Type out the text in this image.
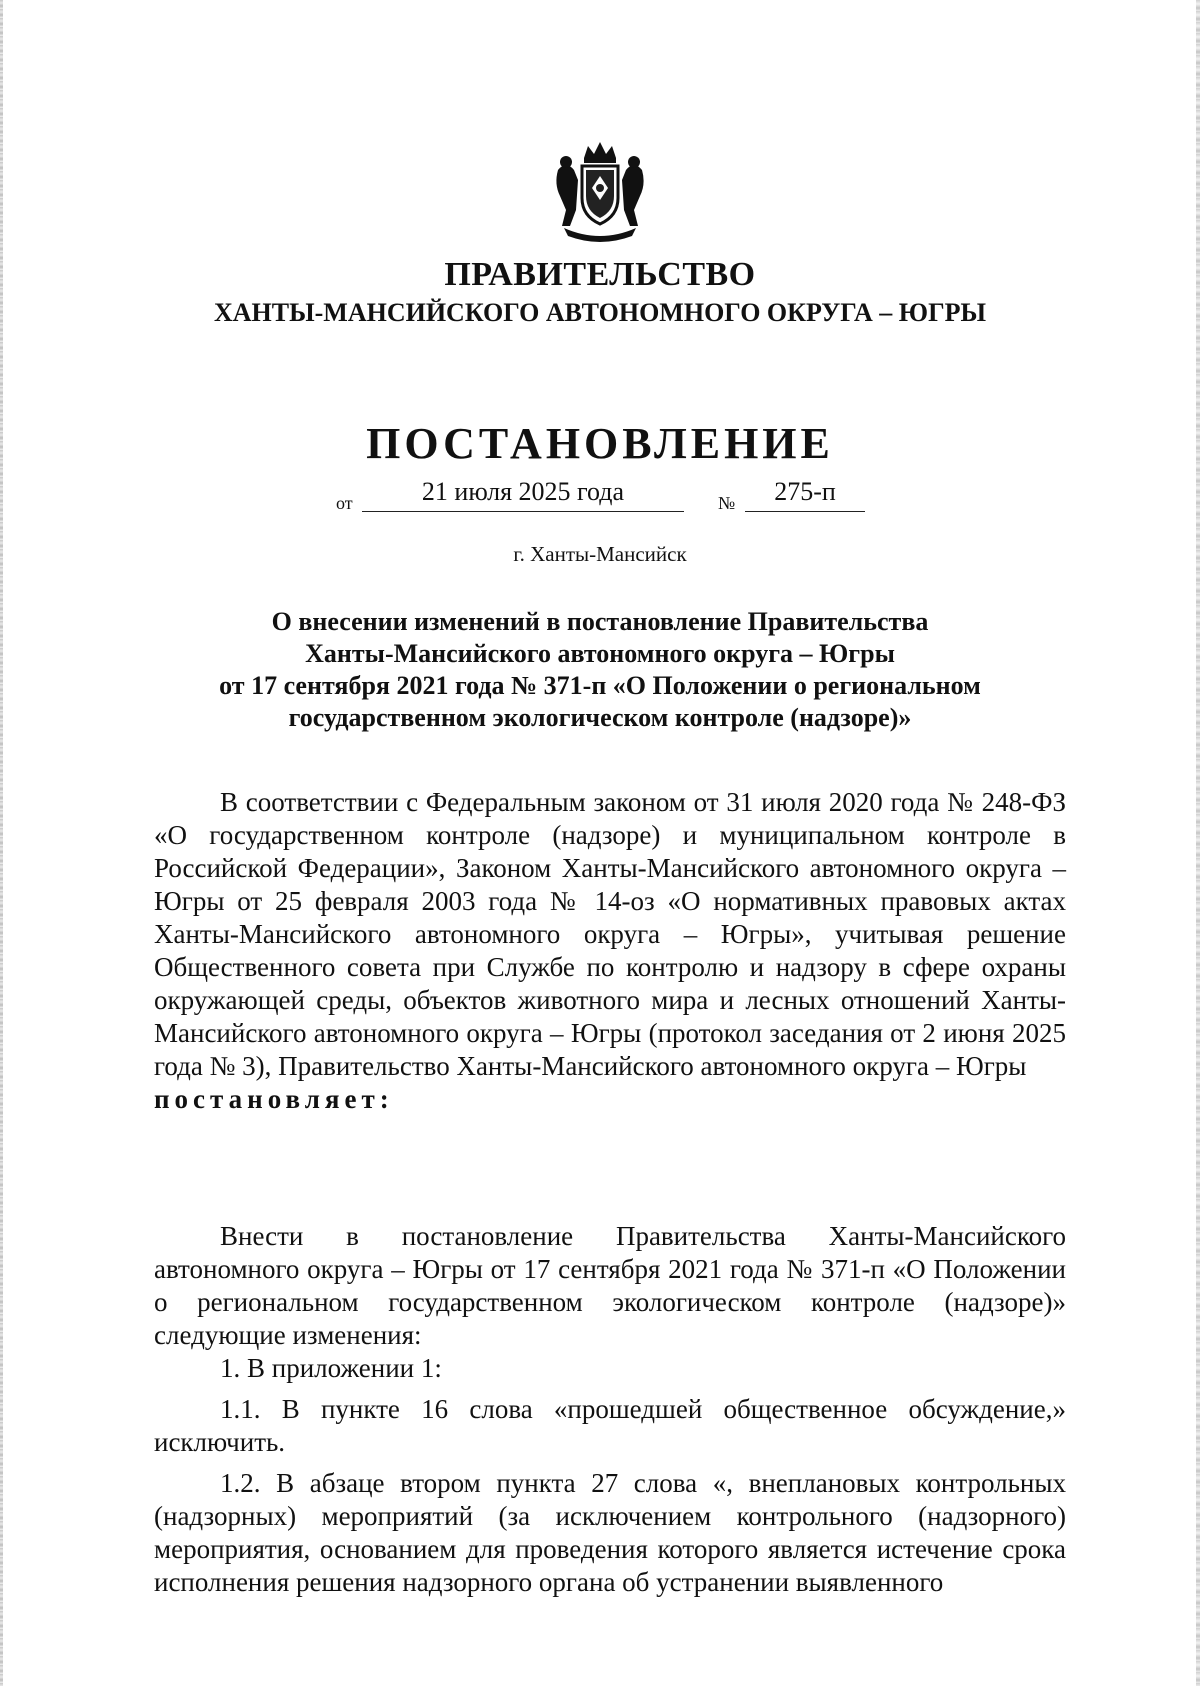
ПРАВИТЕЛЬСТВО
ХАНТЫ-МАНСИЙСКОГО АВТОНОМНОГО ОКРУГА – ЮГРЫ
ПОСТАНОВЛЕНИЕ
от	21 июля 2025 года	№	275-п
г. Ханты-Мансийск
О внесении изменений в постановление Правительства
Ханты-Мансийского автономного округа – Югры
от 17 сентября 2021 года № 371-п «О Положении о региональном
государственном экологическом контроле (надзоре)»

В соответствии с Федеральным законом от 31 июля 2020 года № 248-ФЗ «О государственном контроле (надзоре) и муниципальном контроле в Российской Федерации», Законом Ханты-Мансийского автономного округа – Югры от 25 февраля 2003 года № 14-оз «О нормативных правовых актах Ханты-Мансийского автономного округа – Югры», учитывая решение Общественного совета при Службе по контролю и надзору в сфере охраны окружающей среды, объектов животного мира и лесных отношений Ханты-Мансийского автономного округа – Югры (протокол заседания от 2 июня 2025 года № 3), Правительство Ханты-Мансийского автономного округа – Югры
постановляет:

Внести в постановление Правительства Ханты-Мансийского автономного округа – Югры от 17 сентября 2021 года № 371-п «О Положении о региональном государственном экологическом контроле (надзоре)» следующие изменения:

1. В приложении 1:

1.1. В пункте 16 слова «прошедшей общественное обсуждение,» исключить.

1.2. В абзаце втором пункта 27 слова «, внеплановых контрольных (надзорных) мероприятий (за исключением контрольного (надзорного) мероприятия, основанием для проведения которого является истечение срока исполнения решения надзорного органа об устранении выявленного
